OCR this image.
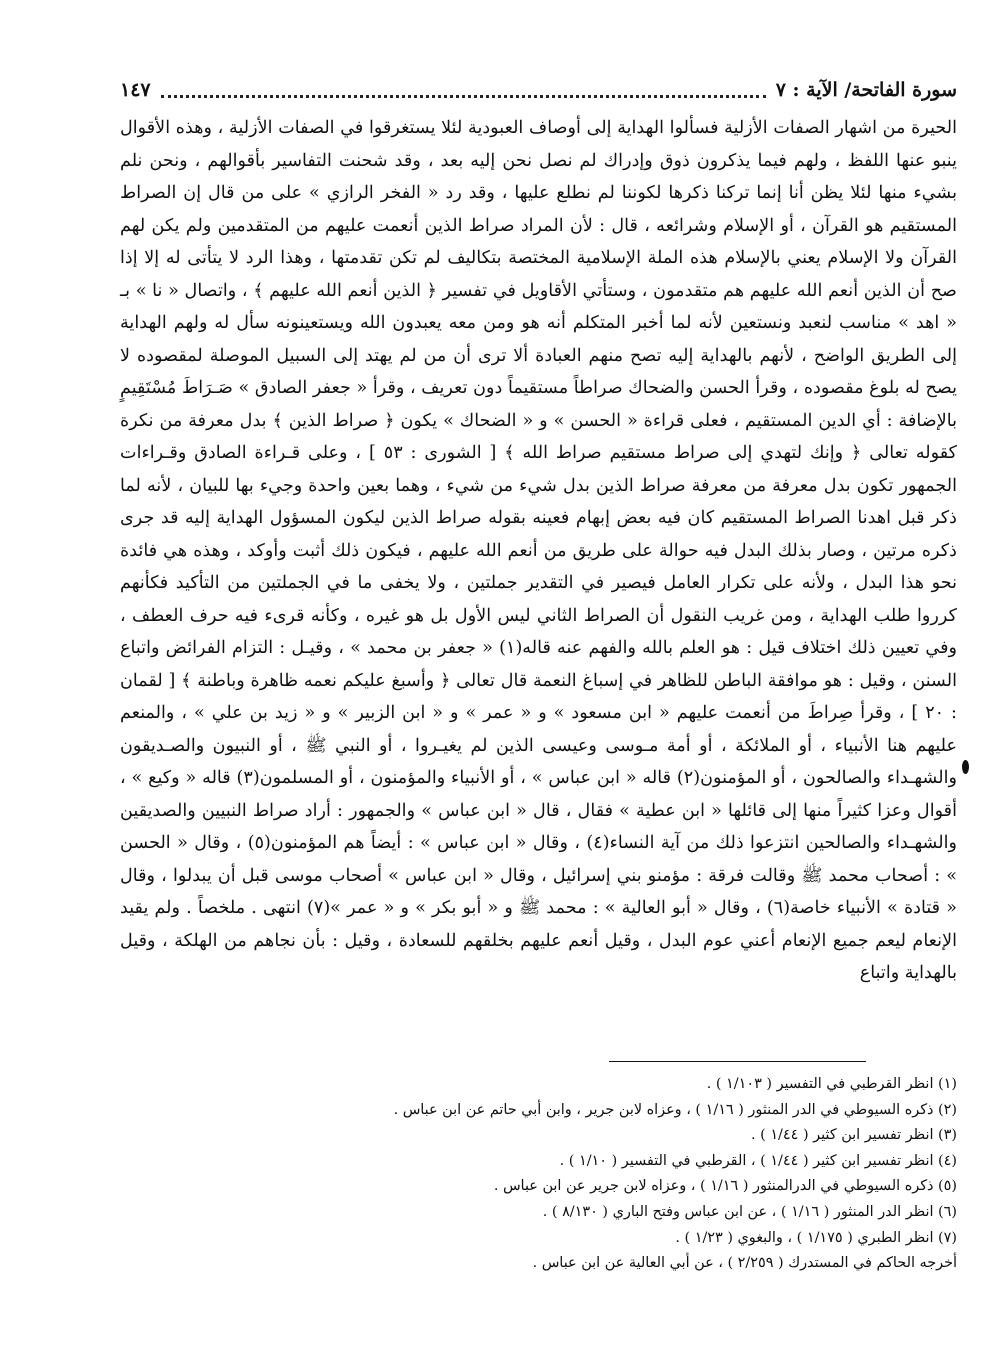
سورة الفاتحة/ الآية : ٧
١٤٧

الحيرة من اشهار الصفات الأزلية فسألوا الهداية إلى أوصاف العبودية لئلا يستغرقوا في الصفات الأزلية ، وهذه الأقوال ينبو عنها اللفظ ، ولهم فيما يذكرون ذوق وإدراك لم نصل نحن إليه بعد ، وقد شحنت التفاسير بأقوالهم ، ونحن نلم بشيء منها لئلا يظن أنا إنما تركنا ذكرها لكوننا لم نطلع عليها ، وقد رد « الفخر الرازي » على من قال إن الصراط المستقيم هو القرآن ، أو الإسلام وشرائعه ، قال : لأن المراد صراط الذين أنعمت عليهم من المتقدمين ولم يكن لهم القرآن ولا الإسلام يعني بالإسلام هذه الملة الإسلامية المختصة بتكاليف لم تكن تقدمتها ، وهذا الرد لا يتأتى له إلا إذا صح أن الذين أنعم الله عليهم هم متقدمون ، وستأتي الأقاويل في تفسير ﴿ الذين أنعم الله عليهم ﴾ ، واتصال « نا » بـ « اهد » مناسب لنعبد ونستعين لأنه لما أخبر المتكلم أنه هو ومن معه يعبدون الله ويستعينونه سأل له ولهم الهداية إلى الطريق الواضح ، لأنهم بالهداية إليه تصح منهم العبادة ألا ترى أن من لم يهتد إلى السبيل الموصلة لمقصوده لا يصح له بلوغ مقصوده ، وقرأ الحسن والضحاك صراطاً مستقيماً دون تعريف ، وقرأ « جعفر الصادق » صَـرَاطَ مُسْتَقِيمٍ بالإضافة : أي الدين المستقيم ، فعلى قراءة « الحسن » و « الضحاك » يكون ﴿ صراط الذين ﴾ بدل معرفة من نكرة كقوله تعالى ﴿ وإنك لتهدي إلى صراط مستقيم صراط الله ﴾ [ الشورى : ٥٣ ] ، وعلى قـراءة الصادق وقـراءات الجمهور تكون بدل معرفة من معرفة صراط الذين بدل شيء من شيء ، وهما بعين واحدة وجيء بها للبيان ، لأنه لما ذكر قبل اهدنا الصراط المستقيم كان فيه بعض إبهام فعينه بقوله صراط الذين ليكون المسؤول الهداية إليه قد جرى ذكره مرتين ، وصار بذلك البدل فيه حوالة على طريق من أنعم الله عليهم ، فيكون ذلك أثبت وأوكد ، وهذه هي فائدة نحو هذا البدل ، ولأنه على تكرار العامل فيصير في التقدير جملتين ، ولا يخفى ما في الجملتين من التأكيد فكأنهم كرروا طلب الهداية ، ومن غريب النقول أن الصراط الثاني ليس الأول بل هو غيره ، وكأنه قرىء فيه حرف العطف ، وفي تعيين ذلك اختلاف قيل : هو العلم بالله والفهم عنه قاله(١) « جعفر بن محمد » ، وقيـل : التزام الفرائض واتباع السنن ، وقيل : هو موافقة الباطن للظاهر في إسباغ النعمة قال تعالى ﴿ وأسبغ عليكم نعمه ظاهرة وباطنة ﴾ [ لقمان : ٢٠ ] ، وقرأ صِراطَ من أنعمت عليهم « ابن مسعود » و « عمر » و « ابن الزبير » و « زيد بن علي » ، والمنعم عليهم هنا الأنبياء ، أو الملائكة ، أو أمة مـوسى وعيسى الذين لم يغيـروا ، أو النبي ﷺ ، أو النبيون والصـديقون والشهـداء والصالحون ، أو المؤمنون(٢) قاله « ابن عباس » ، أو الأنبياء والمؤمنون ، أو المسلمون(٣) قاله « وكيع » ، أقوال وعزا كثيراً منها إلى قائلها « ابن عطية » فقال ، قال « ابن عباس » والجمهور : أراد صراط النبيين والصديقين والشهـداء والصالحين انتزعوا ذلك من آية النساء(٤) ، وقال « ابن عباس » : أيضاً هم المؤمنون(٥) ، وقال « الحسن » : أصحاب محمد ﷺ وقالت فرقة : مؤمنو بني إسرائيل ، وقال « ابن عباس » أصحاب موسى قبل أن يبدلوا ، وقال « قتادة » الأنبياء خاصة(٦) ، وقال « أبو العالية » : محمد ﷺ و « أبو بكر » و « عمر »(٧) انتهى . ملخصاً . ولم يقيد الإنعام ليعم جميع الإنعام أعني عوم البدل ، وقيل أنعم عليهم بخلقهم للسعادة ، وقيل : بأن نجاهم من الهلكة ، وقيل بالهداية واتباع

(١) انظر القرطبي في التفسير ( ١/١٠٣ ) .
(٢) ذكره السيوطي في الدر المنثور ( ١/١٦ ) ، وعزاه لابن جرير ، وابن أبي حاتم عن ابن عباس .
(٣) انظر تفسير ابن كثير ( ١/٤٤ ) .
(٤) انظر تفسير ابن كثير ( ١/٤٤ ) ، القرطبي في التفسير ( ١/١٠ ) .
(٥) ذكره السيوطي في الدرالمنثور ( ١/١٦ ) ، وعزاه لابن جرير عن ابن عباس .
(٦) انظر الدر المنثور ( ١/١٦ ) ، عن ابن عباس وفتح الباري ( ٨/١٣٠ ) .
(٧) انظر الطبري ( ١/١٧٥ ) ، والبغوي ( ١/٢٣ ) .
أخرجه الحاكم في المستدرك ( ٢/٢٥٩ ) ، عن أبي العالية عن ابن عباس .
